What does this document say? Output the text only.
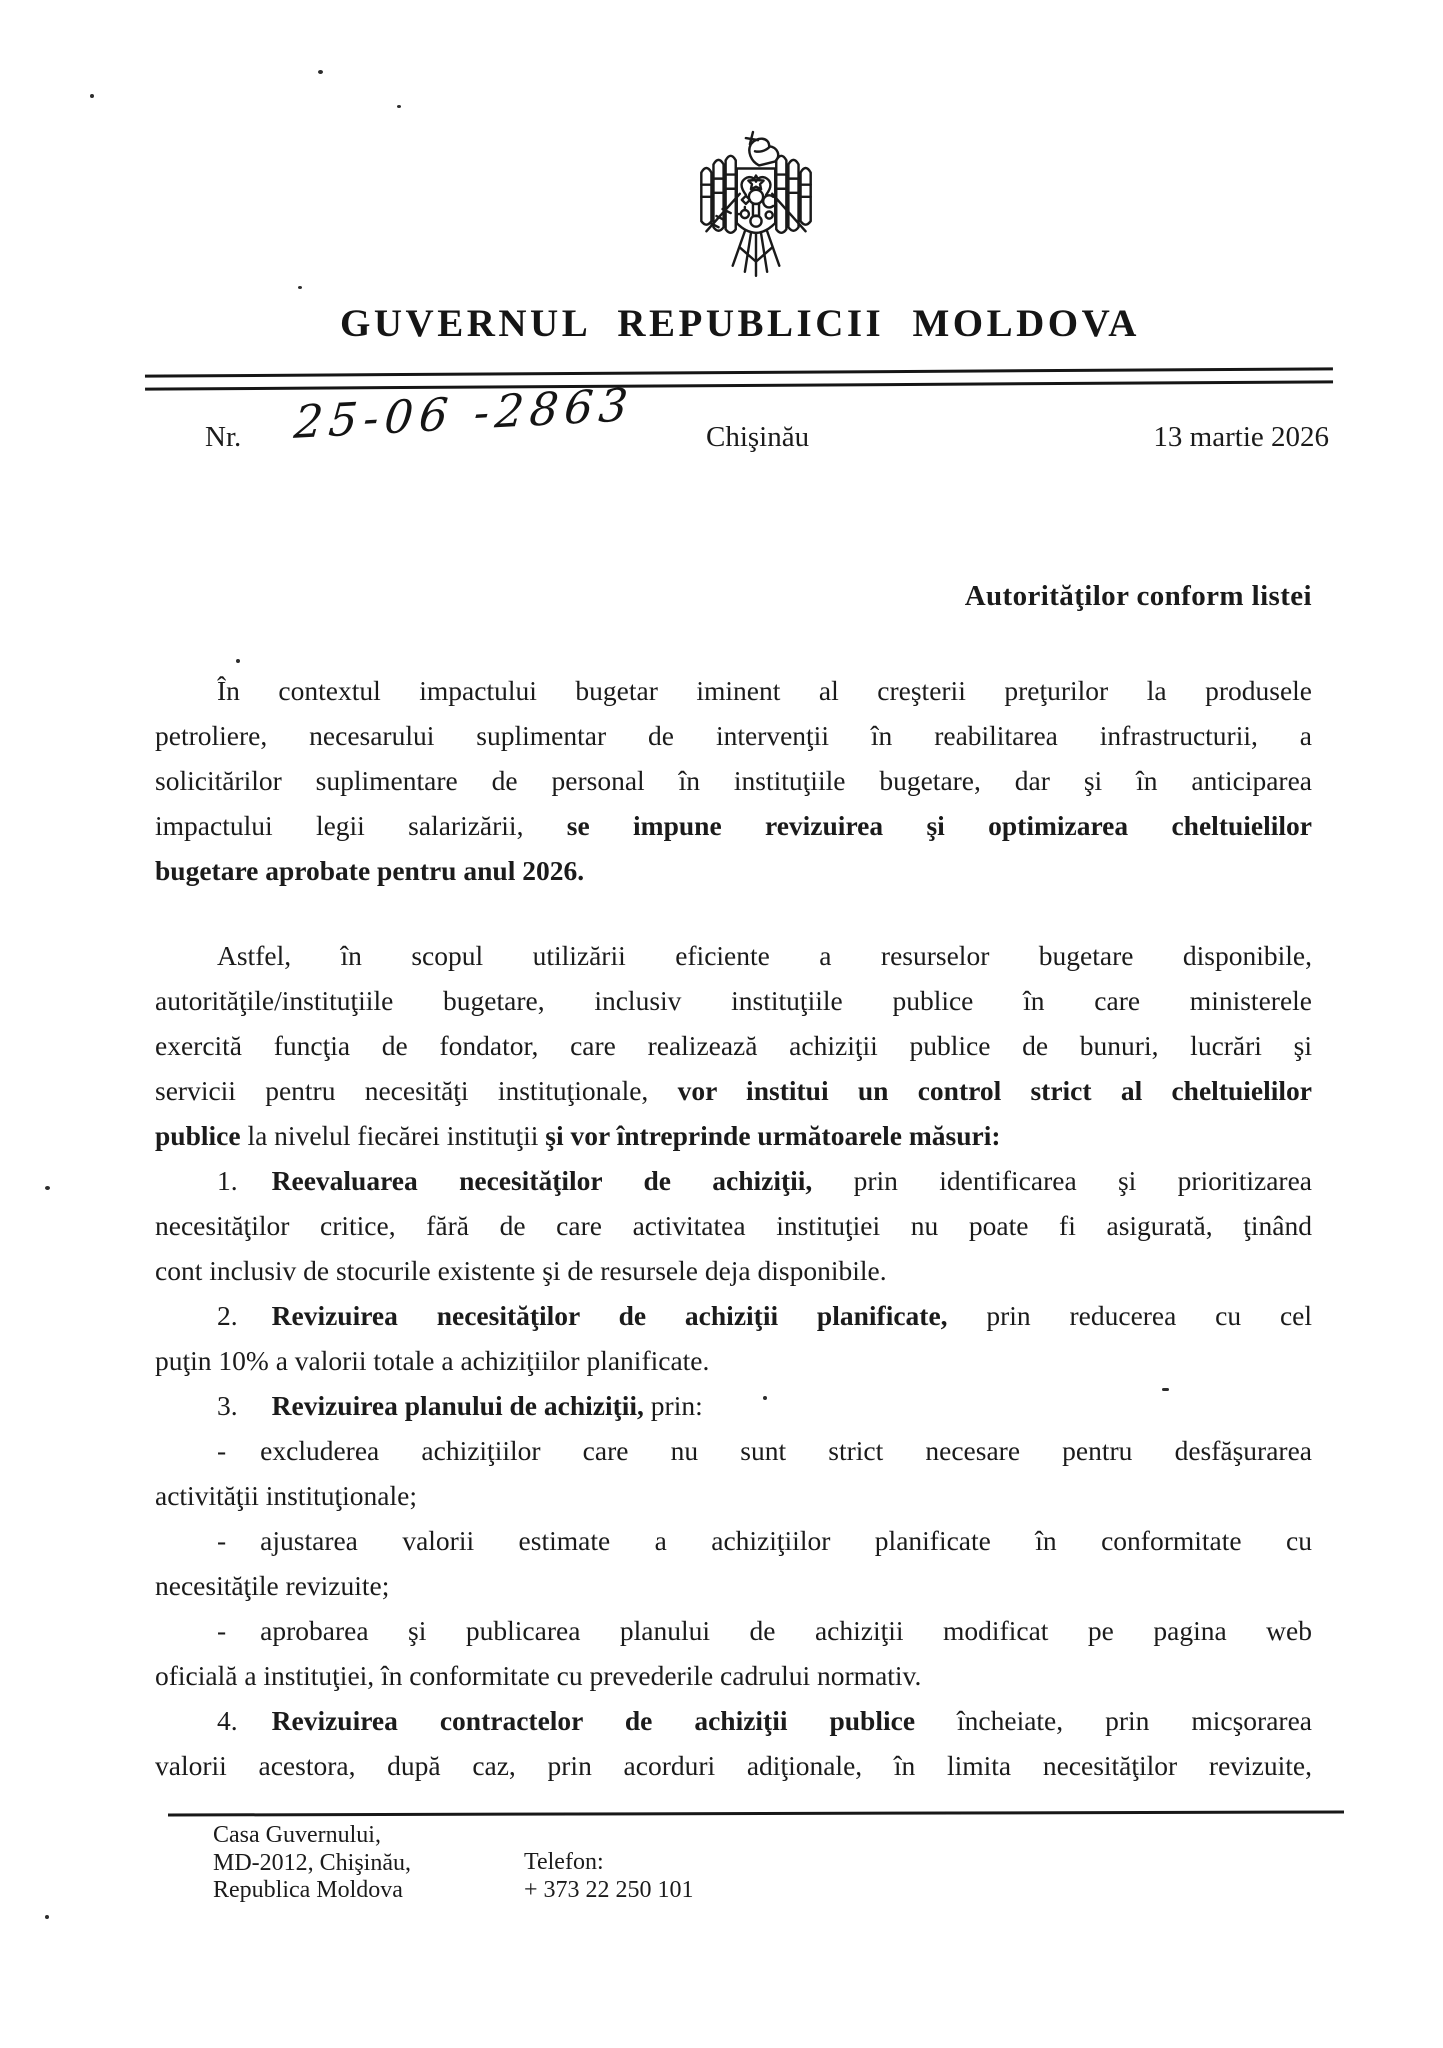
GUVERNUL REPUBLICII MOLDOVA
Nr. 25-06 -2863 Chişinău	13 martie 2026
Autorităţilor conform listei
În contextul impactului bugetar iminent al creşterii preţurilor la produsele
petroliere, necesarului suplimentar de intervenţii în reabilitarea infrastructurii, a
solicitărilor suplimentare de personal în instituţiile bugetare, dar şi în anticiparea
impactului legii salarizării, se impune revizuirea şi optimizarea cheltuielilor
bugetare aprobate pentru anul 2026.
Astfel, în scopul utilizării eficiente a resurselor bugetare disponibile,
autorităţile/instituţiile bugetare, inclusiv instituţiile publice în care ministerele
exercită funcţia de fondator, care realizează achiziţii publice de bunuri, lucrări şi
servicii pentru necesităţi instituţionale, vor institui un control strict al cheltuielilor
publice la nivelul fiecărei instituţii şi vor întreprinde următoarele măsuri:
1. Reevaluarea necesităţilor de achiziţii, prin identificarea şi prioritizarea
necesităţilor critice, fără de care activitatea instituţiei nu poate fi asigurată, ţinând
cont inclusiv de stocurile existente şi de resursele deja disponibile.
2. Revizuirea necesităţilor de achiziţii planificate, prin reducerea cu cel
puţin 10% a valorii totale a achiziţiilor planificate.
3. Revizuirea planului de achiziţii, prin:
- excluderea achiziţiilor care nu sunt strict necesare pentru desfăşurarea
activităţii instituţionale;
- ajustarea valorii estimate a achiziţiilor planificate în conformitate cu
necesităţile revizuite;
- aprobarea şi publicarea planului de achiziţii modificat pe pagina web
oficială a instituţiei, în conformitate cu prevederile cadrului normativ.
4. Revizuirea contractelor de achiziţii publice încheiate, prin micşorarea
valorii acestora, după caz, prin acorduri adiţionale, în limita necesităţilor revizuite,
Casa Guvernului,
MD-2012, Chişinău,
Republica Moldova
Telefon:
+ 373 22 250 101
